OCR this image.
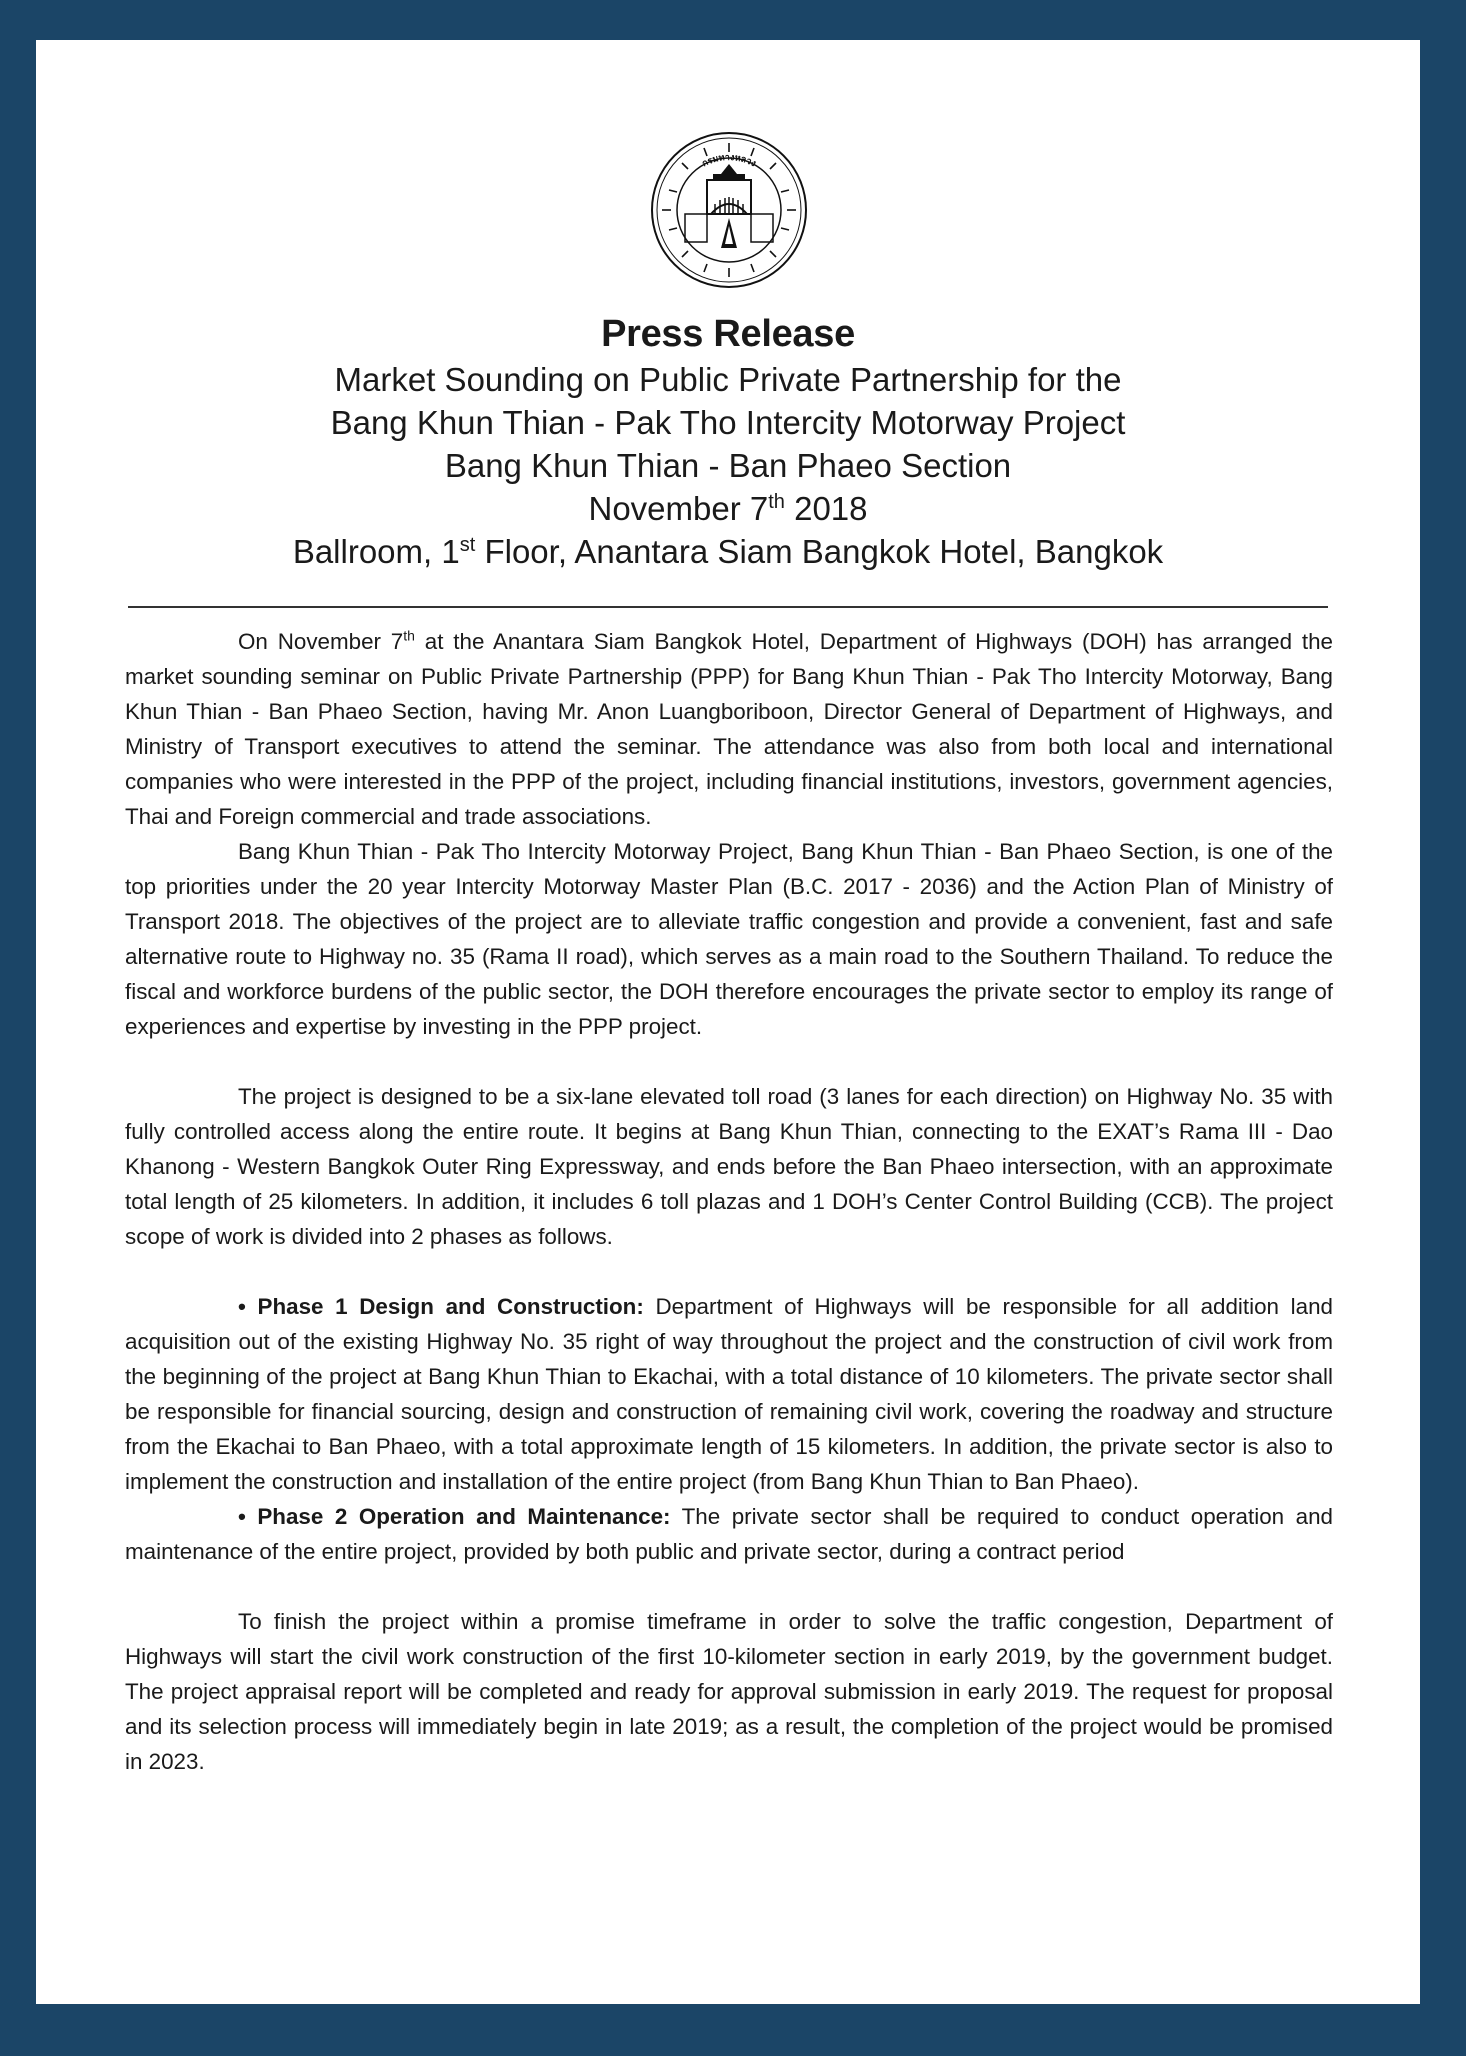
กรมทางหลวง
Press Release
Market Sounding on Public Private Partnership for the
Bang Khun Thian - Pak Tho Intercity Motorway Project
Bang Khun Thian - Ban Phaeo Section
November 7th 2018
Ballroom, 1st Floor, Anantara Siam Bangkok Hotel, Bangkok

On November 7th at the Anantara Siam Bangkok Hotel, Department of Highways (DOH) has arranged the market sounding seminar on Public Private Partnership (PPP) for Bang Khun Thian - Pak Tho Intercity Motorway, Bang Khun Thian - Ban Phaeo Section, having Mr. Anon Luangboriboon, Director General of Department of Highways, and Ministry of Transport executives to attend the seminar. The attendance was also from both local and international companies who were interested in the PPP of the project, including financial institutions, investors, government agencies, Thai and Foreign commercial and trade associations.

Bang Khun Thian - Pak Tho Intercity Motorway Project, Bang Khun Thian - Ban Phaeo Section, is one of the top priorities under the 20 year Intercity Motorway Master Plan (B.C. 2017 - 2036) and the Action Plan of Ministry of Transport 2018. The objectives of the project are to alleviate traffic congestion and provide a convenient, fast and safe alternative route to Highway no. 35 (Rama II road), which serves as a main road to the Southern Thailand. To reduce the fiscal and workforce burdens of the public sector, the DOH therefore encourages the private sector to employ its range of experiences and expertise by investing in the PPP project.

The project is designed to be a six-lane elevated toll road (3 lanes for each direction) on Highway No. 35 with fully controlled access along the entire route. It begins at Bang Khun Thian, connecting to the EXAT’s Rama III - Dao Khanong - Western Bangkok Outer Ring Expressway, and ends before the Ban Phaeo intersection, with an approximate total length of 25 kilometers. In addition, it includes 6 toll plazas and 1 DOH’s Center Control Building (CCB). The project scope of work is divided into 2 phases as follows.

• Phase 1 Design and Construction: Department of Highways will be responsible for all addition land acquisition out of the existing Highway No. 35 right of way throughout the project and the construction of civil work from the beginning of the project at Bang Khun Thian to Ekachai, with a total distance of 10 kilometers. The private sector shall be responsible for financial sourcing, design and construction of remaining civil work, covering the roadway and structure from the Ekachai to Ban Phaeo, with a total approximate length of 15 kilometers. In addition, the private sector is also to implement the construction and installation of the entire project (from Bang Khun Thian to Ban Phaeo).

• Phase 2 Operation and Maintenance: The private sector shall be required to conduct operation and maintenance of the entire project, provided by both public and private sector, during a contract period

To finish the project within a promise timeframe in order to solve the traffic congestion, Department of Highways will start the civil work construction of the first 10-kilometer section in early 2019, by the government budget. The project appraisal report will be completed and ready for approval submission in early 2019. The request for proposal and its selection process will immediately begin in late 2019; as a result, the completion of the project would be promised in 2023.
